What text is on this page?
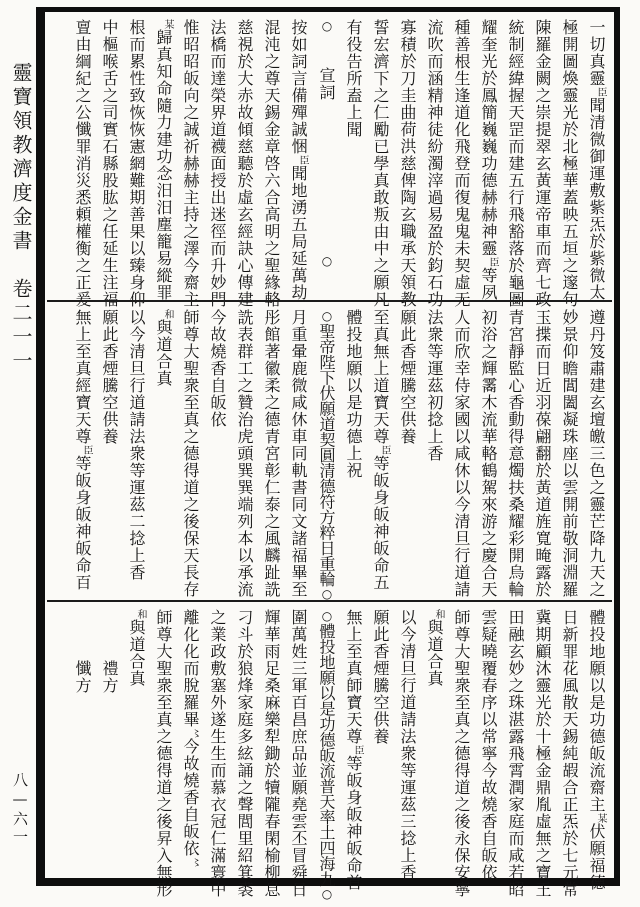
靈寶領教濟度金書　卷二一一
八—六一
一切真靈臣聞清微御運敷紫炁於紫微太
極開圖煥靈光於北極華蓋映五垣之邃句
陳羅金闕之崇提翠玄黃運帝車而齊七政
統制經緯握天罡而建五行飛豁落於龜圖
耀奎光於鳳簡巍巍功德赫赫神靈臣等夙
種善根生逢道化飛登而復鬼鬼未契虛无
流吹而涵精神徒紛濁滓過易盈於鈞石功
寡積於刀圭曲荷洪慈俾陶玄職承天領教
誓宏濟下之仁勵已學真敢叛由中之願凡
有役告所盍上聞
○　　宣詞　　　　　　　　　○
按如詞言備殫誠悃臣聞地湧五局延萬劫
混沌之尊天錫金章啓六合高明之聖緣輅
慈視於大赤故傾慈聽於虛玄經訣心傳建
法橋而達榮界道襪面授出迷徑而升妙門
惟昭昭皈向之誠祈赫赫主持之澤今齋主
某歸真知命隨力建功念汨汨塵籠易縱罪
根而累性致恢恢憲網難期善果以臻身仰
中樞喉舌之司實石縣股肱之任延生注福
亶由綱紀之公懺罪消災悉頼權衡之正爰
遵丹笈肅建玄壇皦三色之靈芒降九天之
妙景仰瞻閶闔凝珠座以雲開前敬洞淵羅
玉揲而日近羽葆翩翻於黃道旌寬晻露於
青宮靜監心香動得意燭扶桑耀彩開烏輪
初浴之輝霱木流華輅鶴駕來游之慶合天
人而欣幸侍家國以咸休以今清旦行道請
法衆等運茲初捻上香
願此香煙騰空供養
至真無上道寶天尊臣等皈身皈神皈命五
體投地願以是功德上祝
○聖帝陛下伏願道契圓清德符方粹日重輪○
月重暈鹿微咸休車同軌書同文諸福畢至
彤館著徽柔之德青宮彰仁泰之風麟趾詵
詵表群工之贊治虎頭巽巽端列本以承流
今故燒香自皈依
師尊大聖衆至真之德得道之後保天長存
和與道合真
以今清旦行道請法衆等運茲二捻上香
願此香煙騰空供養
無上至真經寶天尊臣等皈身皈神皈命百
體投地願以是功德皈流齋主某伏願福德
日新罪花風散天錫純嘏合正炁於七元常
冀期顧沐靈光於十極金鼎胤虛無之寶王
田融玄妙之珠湛露飛霄潤家庭而咸若昭
雲疑曉覆春序以常寧今故燒香自皈依
師尊大聖衆至真之德得道之後永保安寧
和與道合真
以今清旦行道請法衆等運茲三捻上香
願此香煙騰空供養
無上至真師寶天尊臣等皈身皈神皈命首
○體投地願以是功德皈流普天率土四海九○
圍萬姓三軍百昌庶品並願堯雲丕冒舜日
輝華雨足桑麻樂犁鋤於犢隴春閑榆柳息
刁斗於狼烽家庭多絃誦之聲閭里紹箕裘
之業政敷塞外遂生生而慕衣冠仁滿寰中
離化化而脫羅畢〻今故燒香自皈依〻
師尊大聖衆至真之德得道之後昇入無形
和與道合真
　　　禮方
　　　懺方
